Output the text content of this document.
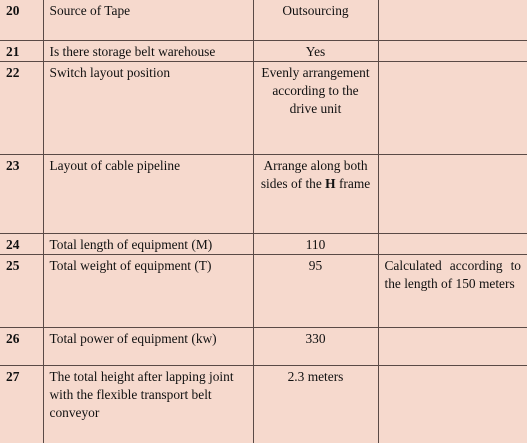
20	Source of Tape	Outsourcing	
21	Is there storage belt warehouse	Yes	
22	Switch layout position	Evenly arrangement according to the drive unit	
23	Layout of cable pipeline	Arrange along both sides of the H frame	
24	Total length of equipment (M)	110	
25	Total weight of equipment (T)	95	Calculated according to the length of 150 meters
26	Total power of equipment (kw)	330	
27	The total height after lapping joint with the flexible transport belt conveyor	2.3 meters	
